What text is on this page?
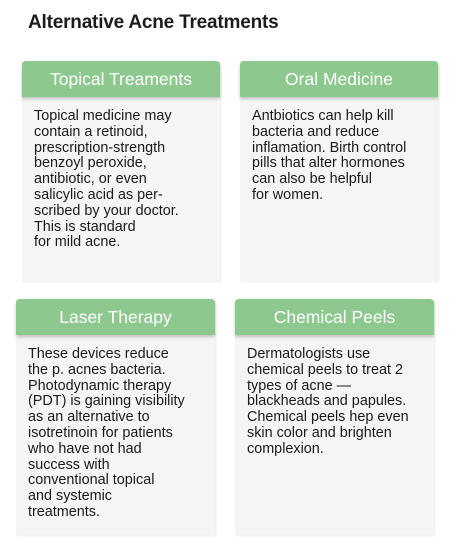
Alternative Acne Treatments
Topical Treaments
Topical medicine may
contain a retinoid,
prescription-strength
benzoyl peroxide,
antibiotic, or even
salicylic acid as per-
scribed by your doctor.
This is standard
for mild acne.
Oral Medicine
Antbiotics can help kill
bacteria and reduce
inflamation. Birth control
pills that alter hormones
can also be helpful
for women.
Laser Therapy
These devices reduce
the p. acnes bacteria.
Photodynamic therapy
(PDT) is gaining visibility
as an alternative to
isotretinoin for patients
who have not had
success with
conventional topical
and systemic
treatments.
Chemical Peels
Dermatologists use
chemical peels to treat 2
types of acne —
blackheads and papules.
Chemical peels hep even
skin color and brighten
complexion.
